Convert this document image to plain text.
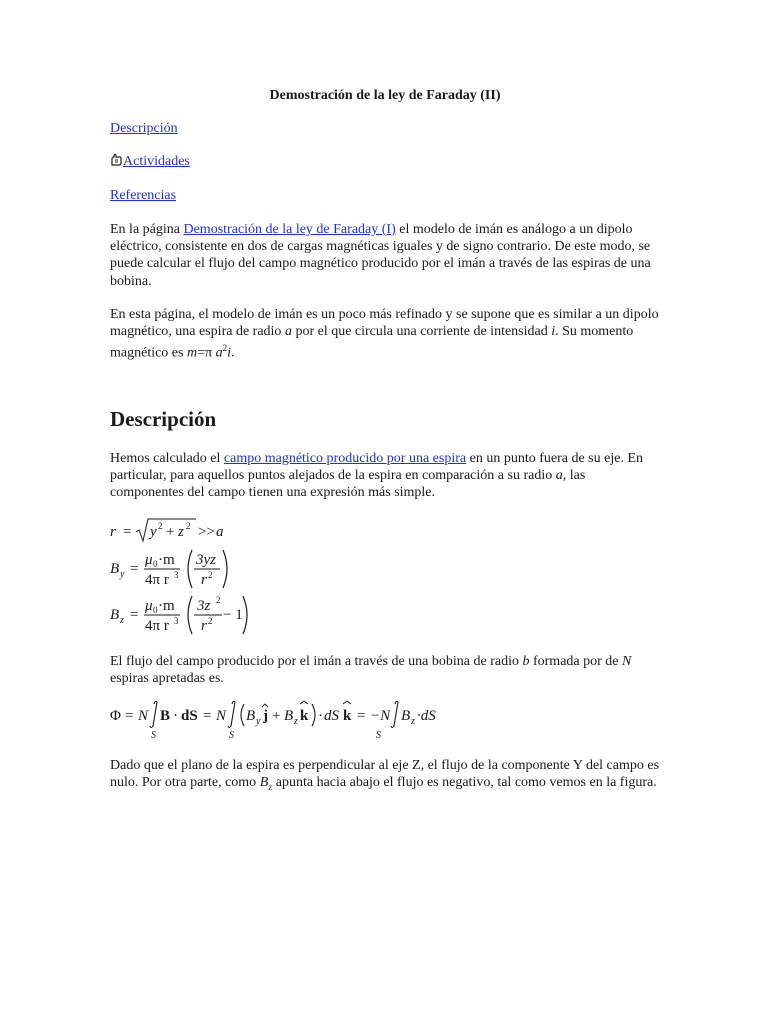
Demostración de la ley de Faraday (II)
Descripción
Actividades
Referencias

En la página Demostración de la ley de Faraday (I) el modelo de imán es análogo a un dipolo eléctrico, consistente en dos de cargas magnéticas iguales y de signo contrario. De este modo, se puede calcular el flujo del campo magnético producido por el imán a través de las espiras de una bobina.

En esta página, el modelo de imán es un poco más refinado y se supone que es similar a un dipolo magnético, una espira de radio a por el que circula una corriente de intensidad i. Su momento magnético es m=π $a^2i$.

Descripción

Hemos calculado el campo magnético producido por una espira en un punto fuera de su eje. En particular, para aquellos puntos alejados de la espira en comparación a su radio a, las componentes del campo tienen una expresión más simple.

r = y 2 + z 2 >> a
B y =
μ 0 ·m
4π r 3
3yz
r 2
B z =
μ 0 ·m
4π r 3
3z 2
r 2 − 1

El flujo del campo producido por el imán a través de una bobina de radio b formada por de N espiras apretadas es.

Φ = N
S
B · dS = N
S
B y j + B z k · dS k = −N
S
B z ·dS

Dado que el plano de la espira es perpendicular al eje Z, el flujo de la componente Y del campo es nulo. Por otra parte, como $B_z$ apunta hacia abajo el flujo es negativo, tal como vemos en la figura.
